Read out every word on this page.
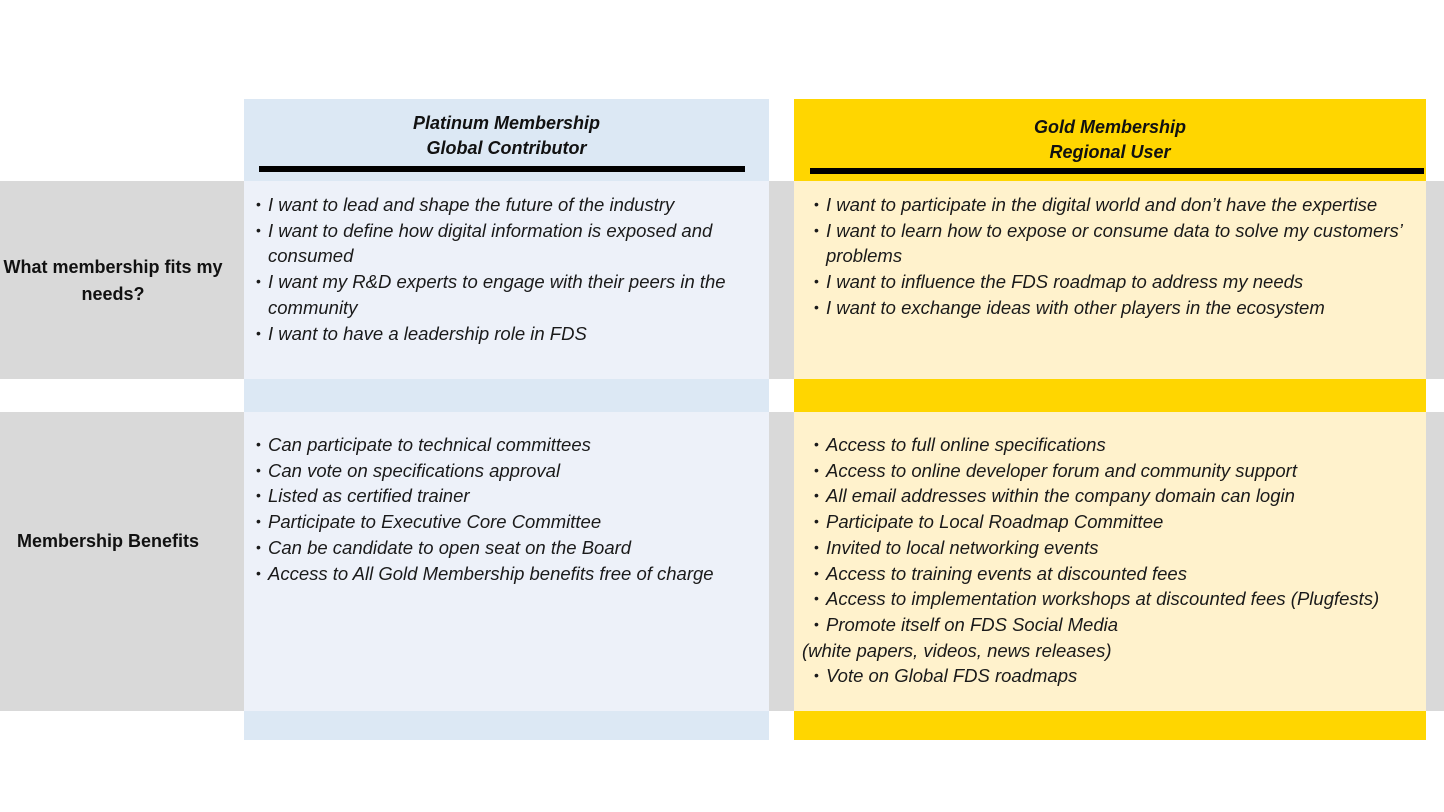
What membership fits my needs?
Membership Benefits
Platinum Membership
Global Contributor
• I want to lead and shape the future of the industry
• I want to define how digital information is exposed and consumed
• I want my R&D experts to engage with their peers in the community
• I want to have a leadership role in FDS
• Can participate to technical committees
• Can vote on specifications approval
• Listed as certified trainer
• Participate to Executive Core Committee
• Can be candidate to open seat on the Board
• Access to All Gold Membership benefits free of charge
Gold Membership
Regional User
• I want to participate in the digital world and don’t have the expertise
• I want to learn how to expose or consume data to solve my customers’ problems
• I want to influence the FDS roadmap to address my needs
• I want to exchange ideas with other players in the ecosystem
• Access to full online specifications
• Access to online developer forum and community support
• All email addresses within the company domain can login
• Participate to Local Roadmap Committee
• Invited to local networking events
• Access to training events at discounted fees
• Access to implementation workshops at discounted fees (Plugfests)
• Promote itself on FDS Social Media
(white papers, videos, news releases)
• Vote on Global FDS roadmaps
